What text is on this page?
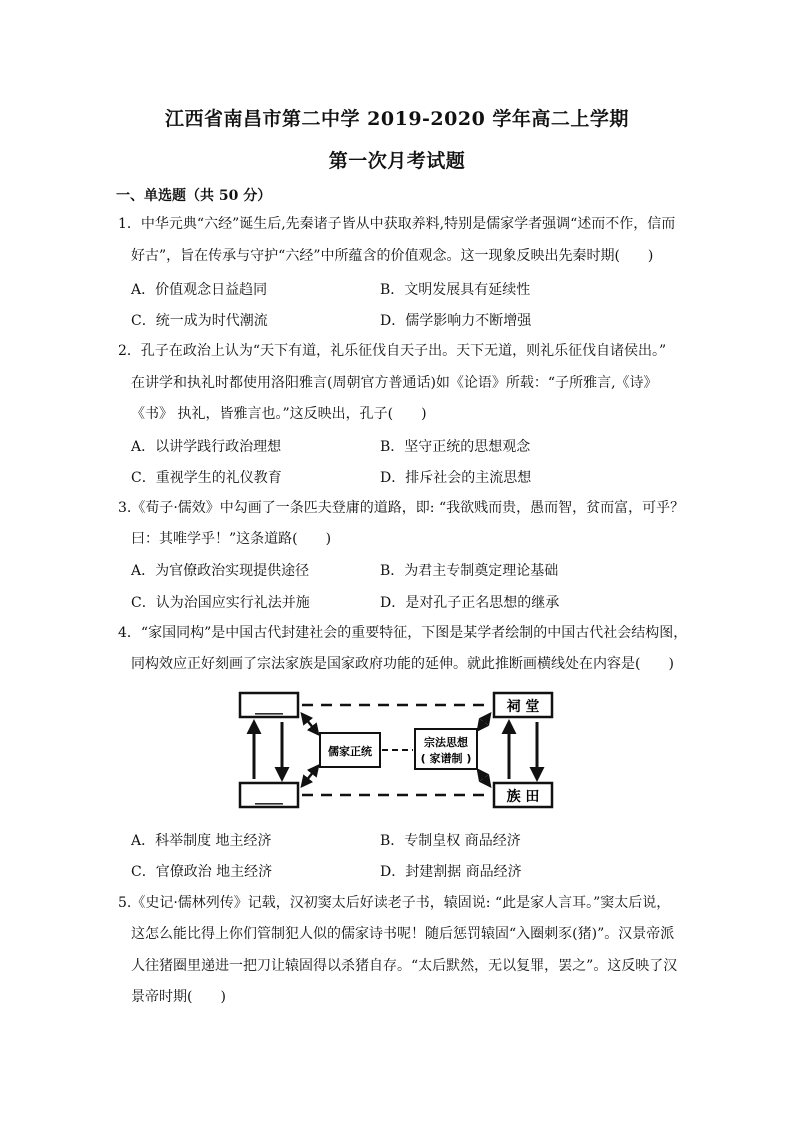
江西省南昌市第二中学 2019-2020 学年高二上学期
第一次月考试题
一、单选题（共 50 分）
1．中华元典“六经”诞生后,先秦诸子皆从中获取养料,特别是儒家学者强调“述而不作，信而
好古”，旨在传承与守护“六经”中所蕴含的价值观念。这一现象反映出先秦时期(　　)
A．价值观念日益趋同	B．文明发展具有延续性
C．统一成为时代潮流	D．儒学影响力不断增强
2．孔子在政治上认为“天下有道，礼乐征伐自天子出。天下无道，则礼乐征伐自诸侯出。”
在讲学和执礼时都使用洛阳雅言(周朝官方普通话)如《论语》所载：“子所雅言,《诗》
《书》 执礼，皆雅言也。”这反映出，孔子(　　)
A．以讲学践行政治理想	B．坚守正统的思想观念
C．重视学生的礼仪教育	D．排斥社会的主流思想
3.《荀子·儒效》中勾画了一条匹夫登庸的道路，即: “我欲贱而贵，愚而智，贫而富，可乎？
曰：其唯学乎！”这条道路(　　)
A．为官僚政治实现提供途径	B．为君主专制奠定理论基础
C．认为治国应实行礼法并施	D．是对孔子正名思想的继承
4．“家国同构”是中国古代封建社会的重要特征，下图是某学者绘制的中国古代社会结构图，
同构效应正好刻画了宗法家族是国家政府功能的延伸。就此推断画横线处在内容是(　　)
____
____
祠 堂
族 田
儒家正统
宗法思想
( 家谱制 )
A．科举制度 地主经济	B．专制皇权 商品经济
C．官僚政治 地主经济	D．封建割据 商品经济
5.《史记·儒林列传》记载，汉初窦太后好读老子书，辕固说: “此是家人言耳。”窦太后说，
这怎么能比得上你们管制犯人似的儒家诗书呢！随后惩罚辕固“入圈刺豕(猪)”。汉景帝派
人往猪圈里递进一把刀让辕固得以杀猪自存。“太后默然，无以复罪，罢之”。这反映了汉
景帝时期(　　)
